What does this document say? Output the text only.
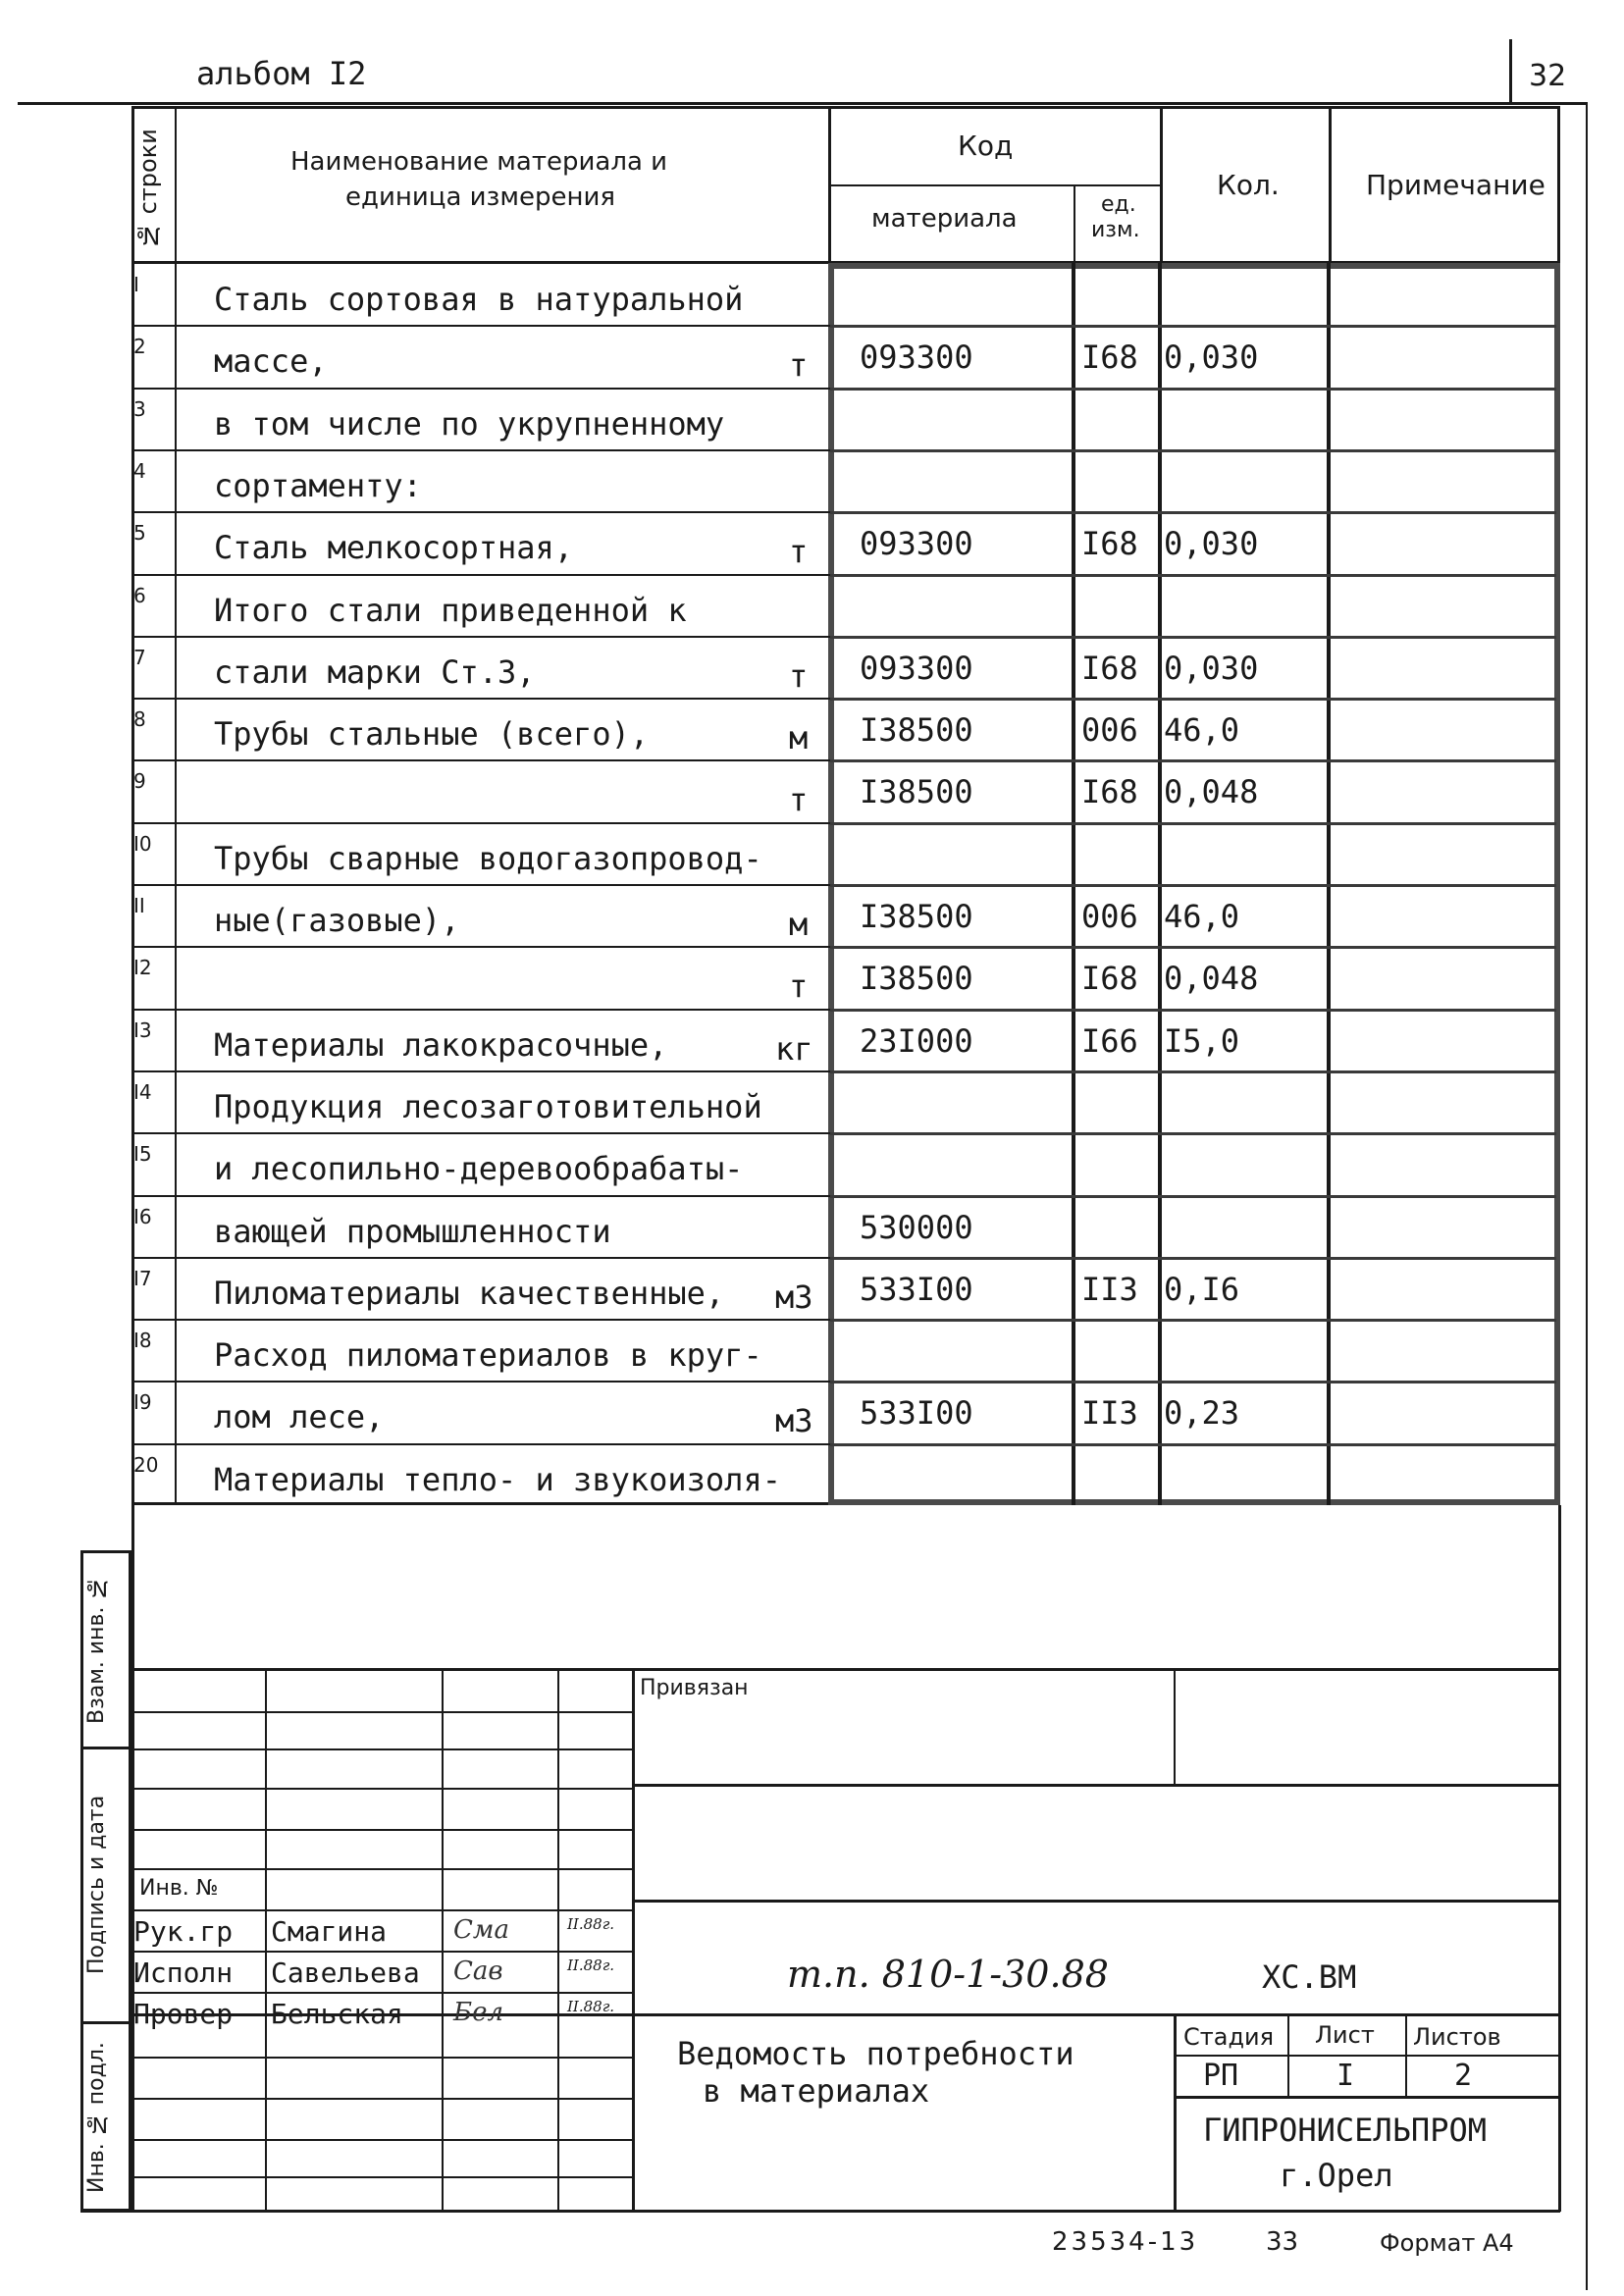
альбом I2	32
№ строки	Наименование материала и
единица измерения
Код
материала	ед.
изм.
Кол.	Примечание
I	Сталь сортовая в натуральной
2	массе,	т 093300	I68 0,030
3	в том числе по укрупненному
4	сортаменту:
5	Сталь мелкосортная,	т 093300	I68 0,030
6	Итого стали приведенной к
7	стали марки Ст.3,	т 093300	I68 0,030
8	Трубы стальные (всего),	м I38500	006 46,0
9	т I38500	I68 0,048
I0	Трубы сварные водогазопровод-
II	ные(газовые),	м I38500	006 46,0
I2	т I38500	I68 0,048
I3	Материалы лакокрасочные,	кг 23I000	I66 I5,0
I4	Продукция лесозаготовительной
I5	и лесопильно-деревообрабаты-
I6	вающей промышленности	530000
I7	Пиломатериалы качественные, м3 533I00	II3 0,I6
I8	Расход пиломатериалов в круг-
I9	лом лесе,	м3 533I00	II3 0,23
20	Материалы тепло- и звукоизоля-
Взам. инв. №
Подпись и дата
Инв. № подл.
Инв. №
Рук.гр Смагина	Сма	II.88г.
Исполн Савельева Сав	II.88г.
Провер Бельская Бел	II.88г.
Привязан
т.п. 810-1-30.88	ХС.ВМ
Ведомость потребности
в материалах
Стадия Лист Листов
РП	I	2
ГИПРОНИСЕЛЬПРОМ
г.Орел
23534-13	33	Формат А4
